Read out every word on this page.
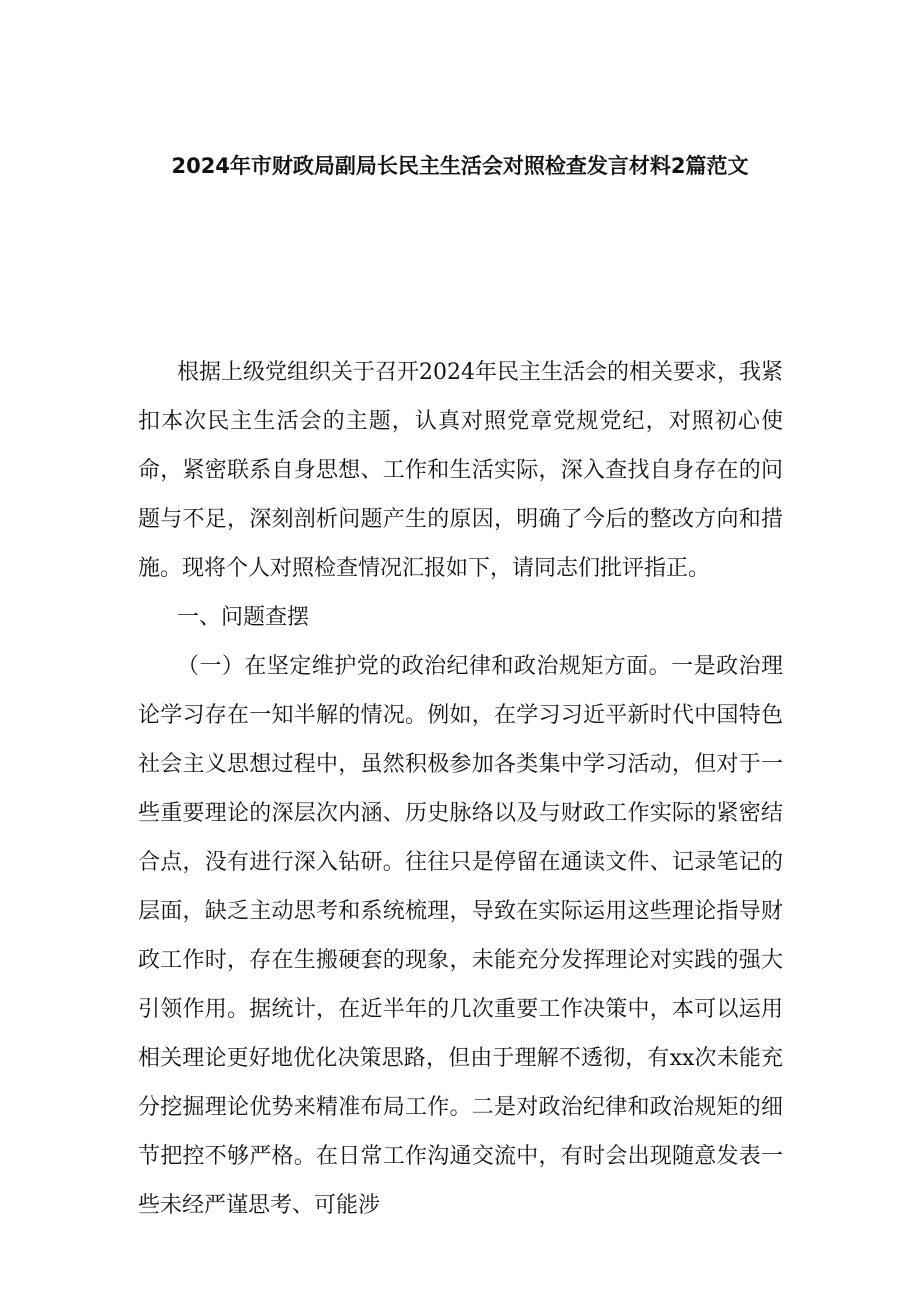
2024年市财政局副局长民主生活会对照检查发言材料2篇范文

根据上级党组织关于召开2024年民主生活会的相关要求，我紧扣本次民主生活会的主题，认真对照党章党规党纪，对照初心使命，紧密联系自身思想、工作和生活实际，深入查找自身存在的问题与不足，深刻剖析问题产生的原因，明确了今后的整改方向和措施。现将个人对照检查情况汇报如下，请同志们批评指正。

一、问题查摆

（一）在坚定维护党的政治纪律和政治规矩方面。一是政治理论学习存在一知半解的情况。例如，在学习习近平新时代中国特色社会主义思想过程中，虽然积极参加各类集中学习活动，但对于一些重要理论的深层次内涵、历史脉络以及与财政工作实际的紧密结合点，没有进行深入钻研。往往只是停留在通读文件、记录笔记的层面，缺乏主动思考和系统梳理，导致在实际运用这些理论指导财政工作时，存在生搬硬套的现象，未能充分发挥理论对实践的强大引领作用。据统计，在近半年的几次重要工作决策中，本可以运用相关理论更好地优化决策思路，但由于理解不透彻，有xx次未能充分挖掘理论优势来精准布局工作。二是对政治纪律和政治规矩的细节把控不够严格。在日常工作沟通交流中，有时会出现随意发表一些未经严谨思考、可能涉
